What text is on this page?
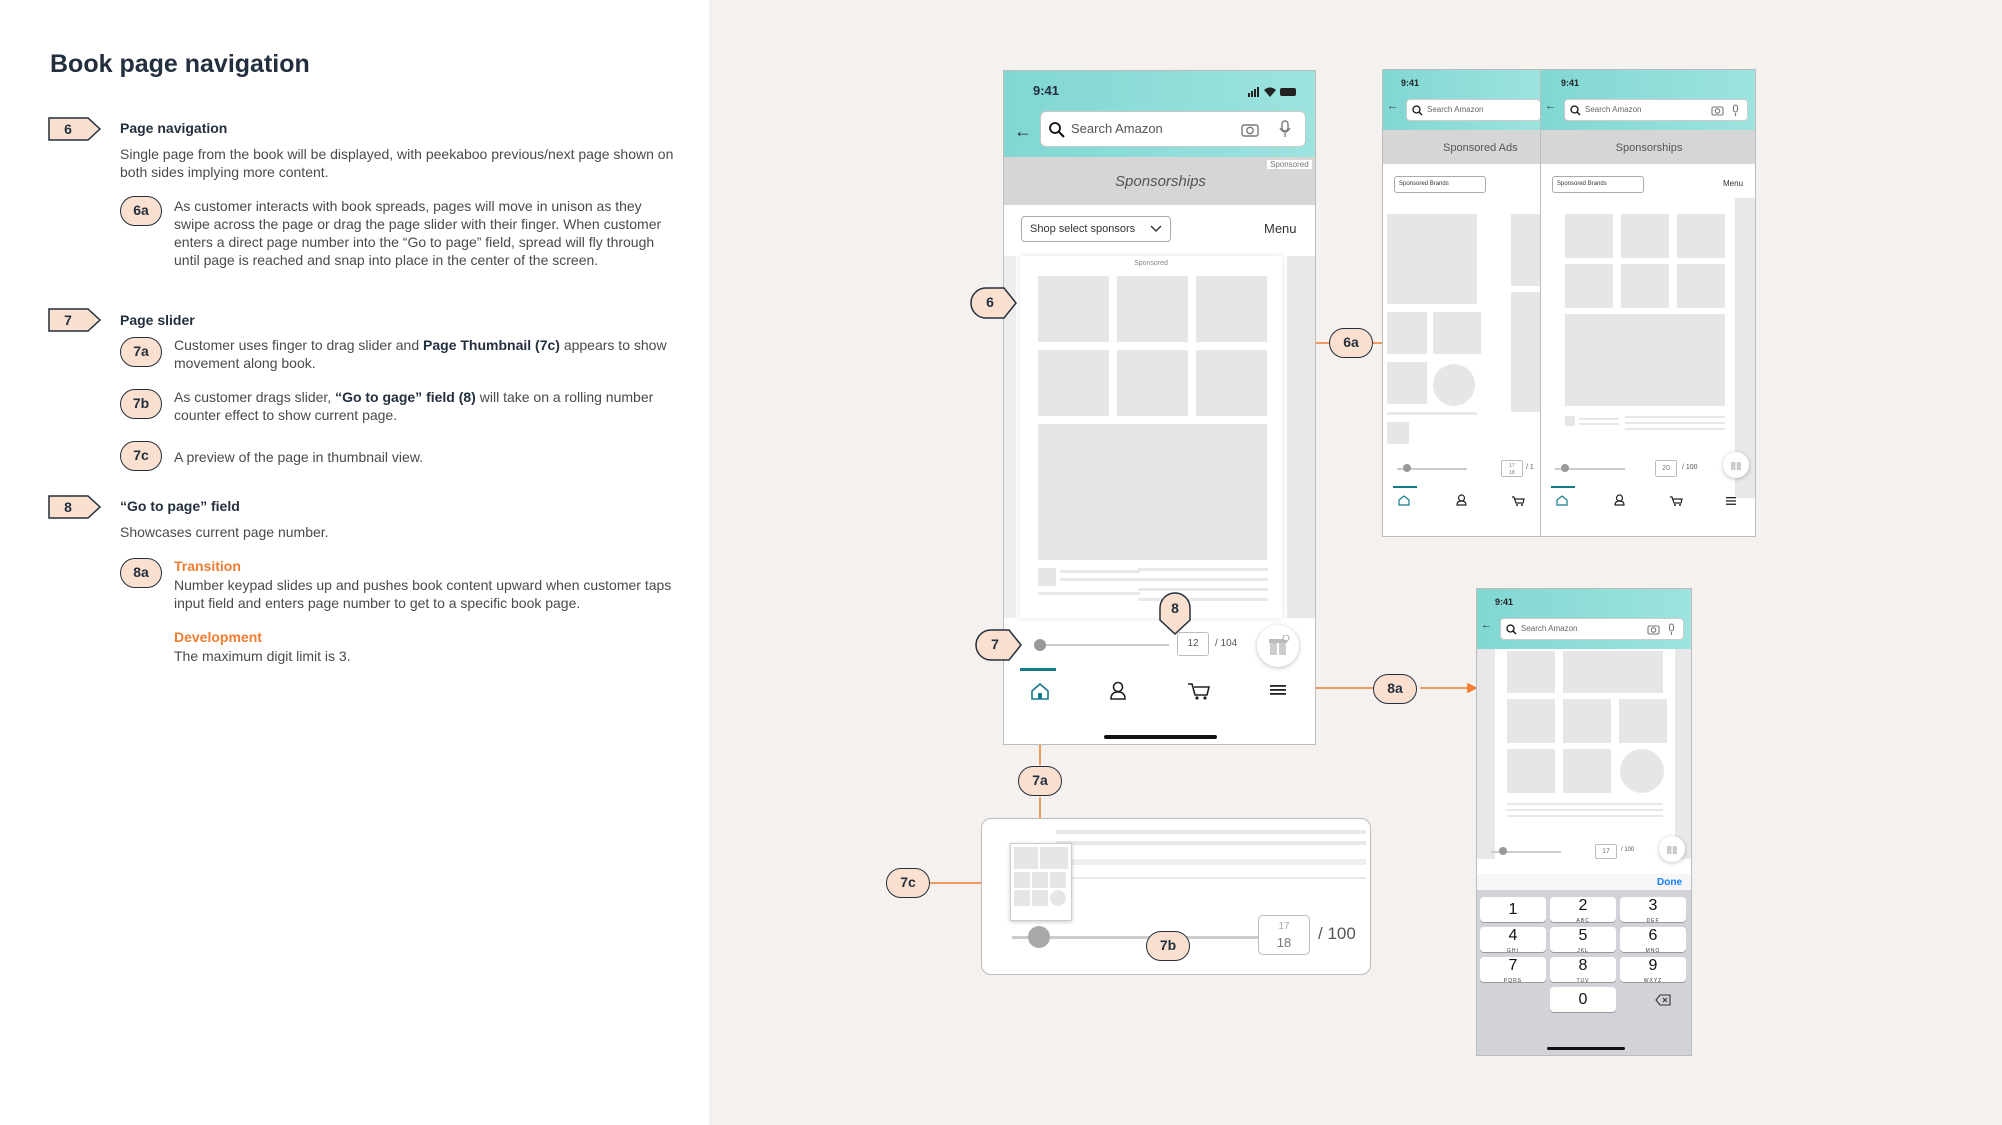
Book page navigation
6	Page navigation
Single page from the book will be displayed, with peekaboo previous/next page shown on both sides implying more content.
6a	As customer interacts with book spreads, pages will move in unison as they swipe across the page or drag the page slider with their finger. When customer enters a direct page number into the “Go to page” field, spread will fly through until page is reached and snap into place in the center of the screen.
7	Page slider
7a	Customer uses finger to drag slider and Page Thumbnail (7c) appears to show movement along book.
7b	As customer drags slider, “Go to gage” field (8) will take on a rolling number counter effect to show current page.
7c	A preview of the page in thumbnail view.
8	“Go to page” field
Showcases current page number.
8a	Transition
Number keypad slides up and pushes book content upward when customer taps input field and enters page number to get to a specific book page.
Development
The maximum digit limit is 3.
9:41
←	Search Amazon
Sponsored
Sponsorships
Shop select sponsors	Menu
Sponsored
12	/ 104
9:41
←	Search Amazon
Sponsored Ads
Sponsored Brands
17
18
/ 1
9:41
←	Search Amazon
Sponsorships
Sponsored Brands	Menu
20	/ 100
9:41
←	Search Amazon
17	/ 100
Done
1	2
ABC
3
DEF
4
GHI
5
JKL
6
MNO
7
PQRS
8
TUV
9
WXYZ
0
17
18	/ 100
6
6a
7
8
8a
7a
7b
7c
